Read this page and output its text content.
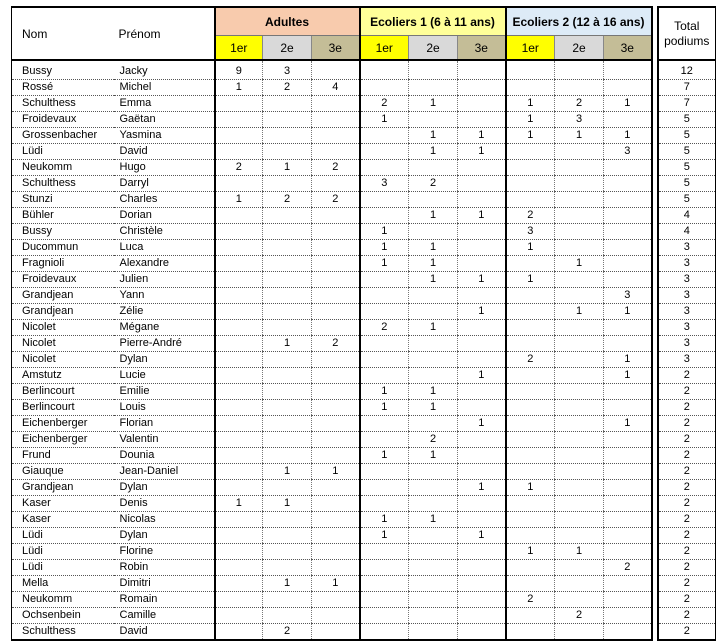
Nom	Prénom	Adultes			Ecoliers 1 (6 à 11 ans)			Ecoliers 2 (12 à 16 ans)				Total
podiums
		1er	2e	3e	1er	2e	3e	1er	2e	3e		
Bussy	Jacky	9	3									12
Rossé	Michel	1	2	4								7
Schulthess	Emma				2	1		1	2	1		7
Froidevaux	Gaëtan				1			1	3			5
Grossenbacher	Yasmina					1	1	1	1	1		5
Lüdi	David					1	1			3		5
Neukomm	Hugo	2	1	2								5
Schulthess	Darryl				3	2						5
Stunzi	Charles	1	2	2								5
Bühler	Dorian					1	1	2				4
Bussy	Christèle				1			3				4
Ducommun	Luca				1	1		1				3
Fragnioli	Alexandre				1	1			1			3
Froidevaux	Julien					1	1	1				3
Grandjean	Yann									3		3
Grandjean	Zélie						1		1	1		3
Nicolet	Mégane				2	1						3
Nicolet	Pierre-André		1	2								3
Nicolet	Dylan							2		1		3
Amstutz	Lucie						1			1		2
Berlincourt	Emilie				1	1						2
Berlincourt	Louis				1	1						2
Eichenberger	Florian						1			1		2
Eichenberger	Valentin					2						2
Frund	Dounia				1	1						2
Giauque	Jean-Daniel		1	1								2
Grandjean	Dylan						1	1				2
Kaser	Denis	1	1									2
Kaser	Nicolas				1	1						2
Lüdi	Dylan				1		1					2
Lüdi	Florine							1	1			2
Lüdi	Robin									2		2
Mella	Dimitri		1	1								2
Neukomm	Romain							2				2
Ochsenbein	Camille								2			2
Schulthess	David		2									2
